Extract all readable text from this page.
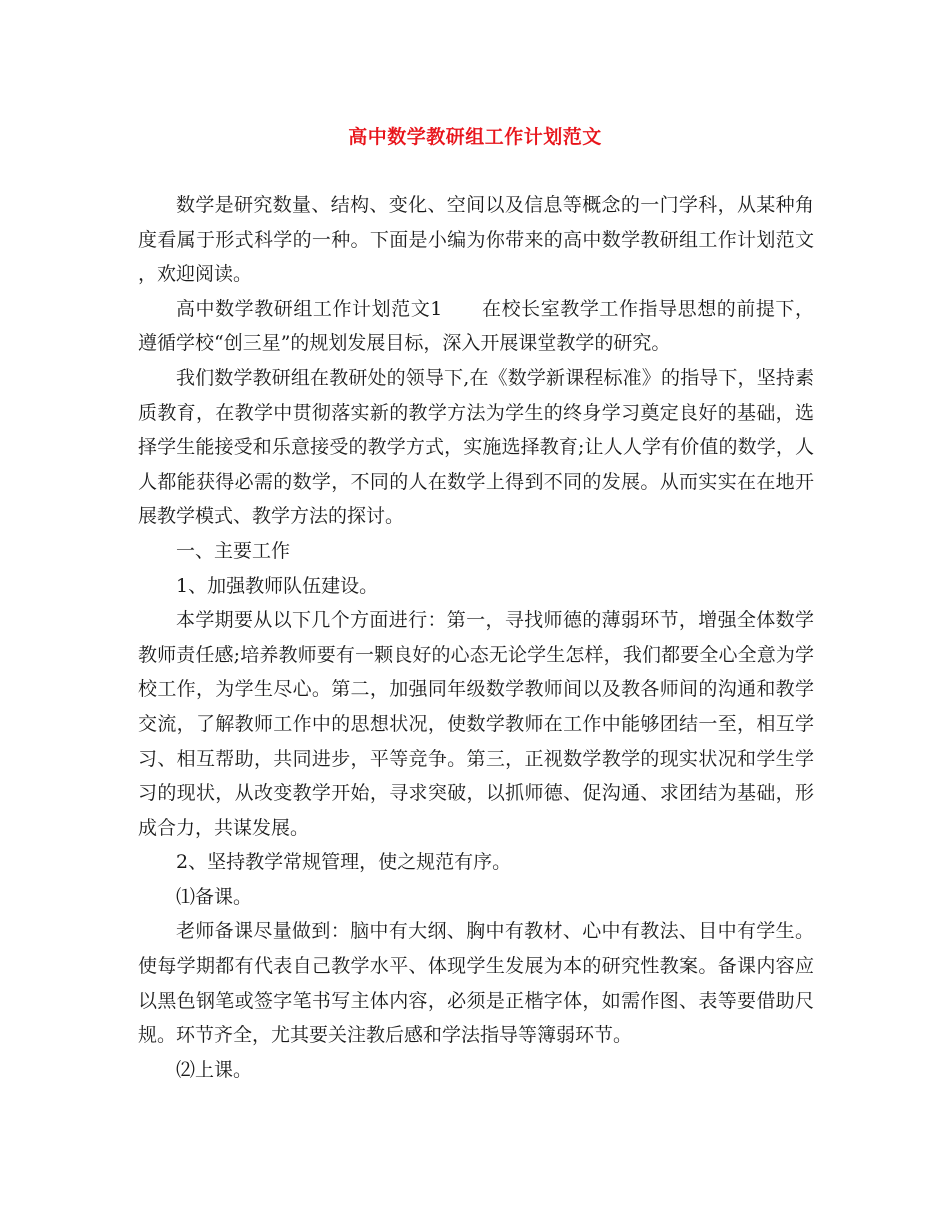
高中数学教研组工作计划范文

数学是研究数量、结构、变化、空间以及信息等概念的一门学科，从某种角度看属于形式科学的一种。下面是小编为你带来的高中数学教研组工作计划范文 ，欢迎阅读。

高中数学教研组工作计划范文1　　在校长室教学工作指导思想的前提下，遵循学校“创三星”的规划发展目标，深入开展课堂教学的研究。

我们数学教研组在教研处的领导下,在《数学新课程标准》的指导下，坚持素质教育，在教学中贯彻落实新的教学方法为学生的终身学习奠定良好的基础，选择学生能接受和乐意接受的教学方式，实施选择教育;让人人学有价值的数学，人人都能获得必需的数学，不同的人在数学上得到不同的发展。从而实实在在地开展教学模式、教学方法的探讨。

一、主要工作

1、加强教师队伍建设。

本学期要从以下几个方面进行：第一，寻找师德的薄弱环节，增强全体数学教师责任感;培养教师要有一颗良好的心态无论学生怎样，我们都要全心全意为学校工作，为学生尽心。第二，加强同年级数学教师间以及教各师间的沟通和教学交流，了解教师工作中的思想状况，使数学教师在工作中能够团结一至，相互学习、相互帮助，共同进步，平等竞争。第三，正视数学教学的现实状况和学生学习的现状，从改变教学开始，寻求突破，以抓师德、促沟通、求团结为基础，形成合力，共谋发展。

2、坚持教学常规管理，使之规范有序。

⑴备课。

老师备课尽量做到：脑中有大纲、胸中有教材、心中有教法、目中有学生。使每学期都有代表自己教学水平、体现学生发展为本的研究性教案。备课内容应以黑色钢笔或签字笔书写主体内容，必须是正楷字体，如需作图、表等要借助尺规。环节齐全，尤其要关注教后感和学法指导等簿弱环节。

⑵上课。
